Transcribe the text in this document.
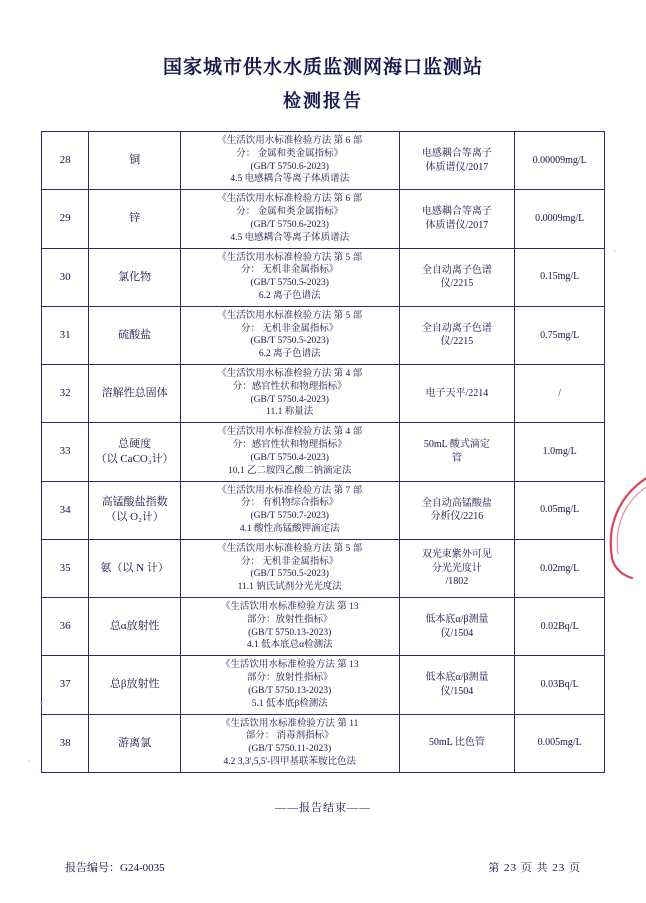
国家城市供水水质监测网海口监测站
检测报告
28	铜	《生活饮用水标准检验方法 第 6 部
分： 金属和类金属指标》
(GB/T 5750.6-2023)
4.5 电感耦合等离子体质谱法	电感耦合等离子
体质谱仪/2017	0.00009mg/L
29	锌	《生活饮用水标准检验方法 第 6 部
分： 金属和类金属指标》
(GB/T 5750.6-2023)
4.5 电感耦合等离子体质谱法	电感耦合等离子
体质谱仪/2017	0.0009mg/L
30	氯化物	《生活饮用水标准检验方法 第 5 部
分： 无机非金属指标》
(GB/T 5750.5-2023)
6.2 离子色谱法	全自动离子色谱
仪/2215	0.15mg/L
31	硫酸盐	《生活饮用水标准检验方法 第 5 部
分： 无机非金属指标》
(GB/T 5750.5-2023)
6.2 离子色谱法	全自动离子色谱
仪/2215	0.75mg/L
32	溶解性总固体	《生活饮用水标准检验方法 第 4 部
分：感官性状和物理指标》
(GB/T 5750.4-2023)
11.1 称量法	电子天平/2214	/
33	总硬度
（以 CaCO₃计）	《生活饮用水标准检验方法 第 4 部
分：感官性状和物理指标》
(GB/T 5750.4-2023)
10.1 乙二胺四乙酸二钠滴定法	50mL 酸式滴定
管	1.0mg/L
34	高锰酸盐指数
（以 O₂计）	《生活饮用水标准检验方法 第 7 部
分： 有机物综合指标》
(GB/T 5750.7-2023)
4.1 酸性高锰酸钾滴定法	全自动高锰酸盐
分析仪/2216	0.05mg/L
35	氨（以 N 计）	《生活饮用水标准检验方法 第 5 部
分： 无机非金属指标》
(GB/T 5750.5-2023)
11.1 钠氏试剂分光光度法	双光束紫外可见
分光光度计
/1802	0.02mg/L
36	总α放射性	《生活饮用水标准检验方法 第 13
部分：放射性指标》
(GB/T 5750.13-2023)
4.1 低本底总α检测法	低本底α/β测量
仪/1504	0.02Bq/L
37	总β放射性	《生活饮用水标准检验方法 第 13
部分：放射性指标》
(GB/T 5750.13-2023)
5.1 低本底β检测法	低本底α/β测量
仪/1504	0.03Bq/L
38	游离氯	《生活饮用水标准检验方法 第 11
部分： 消毒剂指标》
(GB/T 5750.11-2023)
4.2 3,3',5,5'-四甲基联苯胺比色法	50mL 比色管	0.005mg/L
——报告结束——
报告编号：G24-0035	第 23 页 共 23 页
